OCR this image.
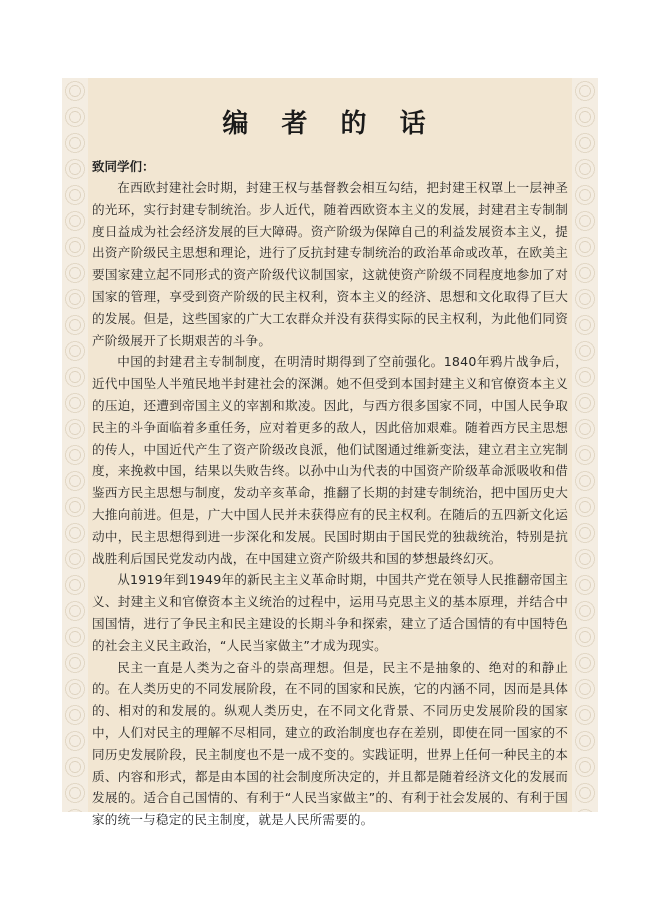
编 者 的 话
致同学们：

在西欧封建社会时期，封建王权与基督教会相互勾结，把封建王权罩上一层神圣的光环，实行封建专制统治。步人近代，随着西欧资本主义的发展，封建君主专制制度日益成为社会经济发展的巨大障碍。资产阶级为保障自己的利益发展资本主义，提出资产阶级民主思想和理论，进行了反抗封建专制统治的政治革命或改革，在欧美主要国家建立起不同形式的资产阶级代议制国家，这就使资产阶级不同程度地参加了对国家的管理，享受到资产阶级的民主权利，资本主义的经济、思想和文化取得了巨大的发展。但是，这些国家的广大工农群众并没有获得实际的民主权利，为此他们同资产阶级展开了长期艰苦的斗争。

中国的封建君主专制制度，在明清时期得到了空前强化。1840年鸦片战争后，近代中国坠人半殖民地半封建社会的深渊。她不但受到本国封建主义和官僚资本主义的压迫，还遭到帝国主义的宰割和欺凌。因此，与西方很多国家不同，中国人民争取民主的斗争面临着多重任务，应对着更多的敌人，因此倍加艰难。随着西方民主思想的传人，中国近代产生了资产阶级改良派，他们试图通过维新变法，建立君主立宪制度，来挽救中国，结果以失败告终。以孙中山为代表的中国资产阶级革命派吸收和借鉴西方民主思想与制度，发动辛亥革命，推翻了长期的封建专制统治，把中国历史大大推向前进。但是，广大中国人民并未获得应有的民主权利。在随后的五四新文化运动中，民主思想得到进一步深化和发展。民国时期由于国民党的独裁统治，特别是抗战胜利后国民党发动内战，在中国建立资产阶级共和国的梦想最终幻灭。

从1919年到1949年的新民主主义革命时期，中国共产党在领导人民推翻帝国主义、封建主义和官僚资本主义统治的过程中，运用马克思主义的基本原理，并结合中国国情，进行了争民主和民主建设的长期斗争和探索，建立了适合国情的有中国特色的社会主义民主政治，“人民当家做主”才成为现实。

民主一直是人类为之奋斗的崇高理想。但是，民主不是抽象的、绝对的和静止的。在人类历史的不同发展阶段，在不同的国家和民族，它的内涵不同，因而是具体的、相对的和发展的。纵观人类历史，在不同文化背景、不同历史发展阶段的国家中，人们对民主的理解不尽相同，建立的政治制度也存在差别，即使在同一国家的不同历史发展阶段，民主制度也不是一成不变的。实践证明，世界上任何一种民主的本质、内容和形式，都是由本国的社会制度所决定的，并且都是随着经济文化的发展而发展的。适合自己国情的、有利于“人民当家做主”的、有利于社会发展的、有利于国家的统一与稳定的民主制度，就是人民所需要的。
